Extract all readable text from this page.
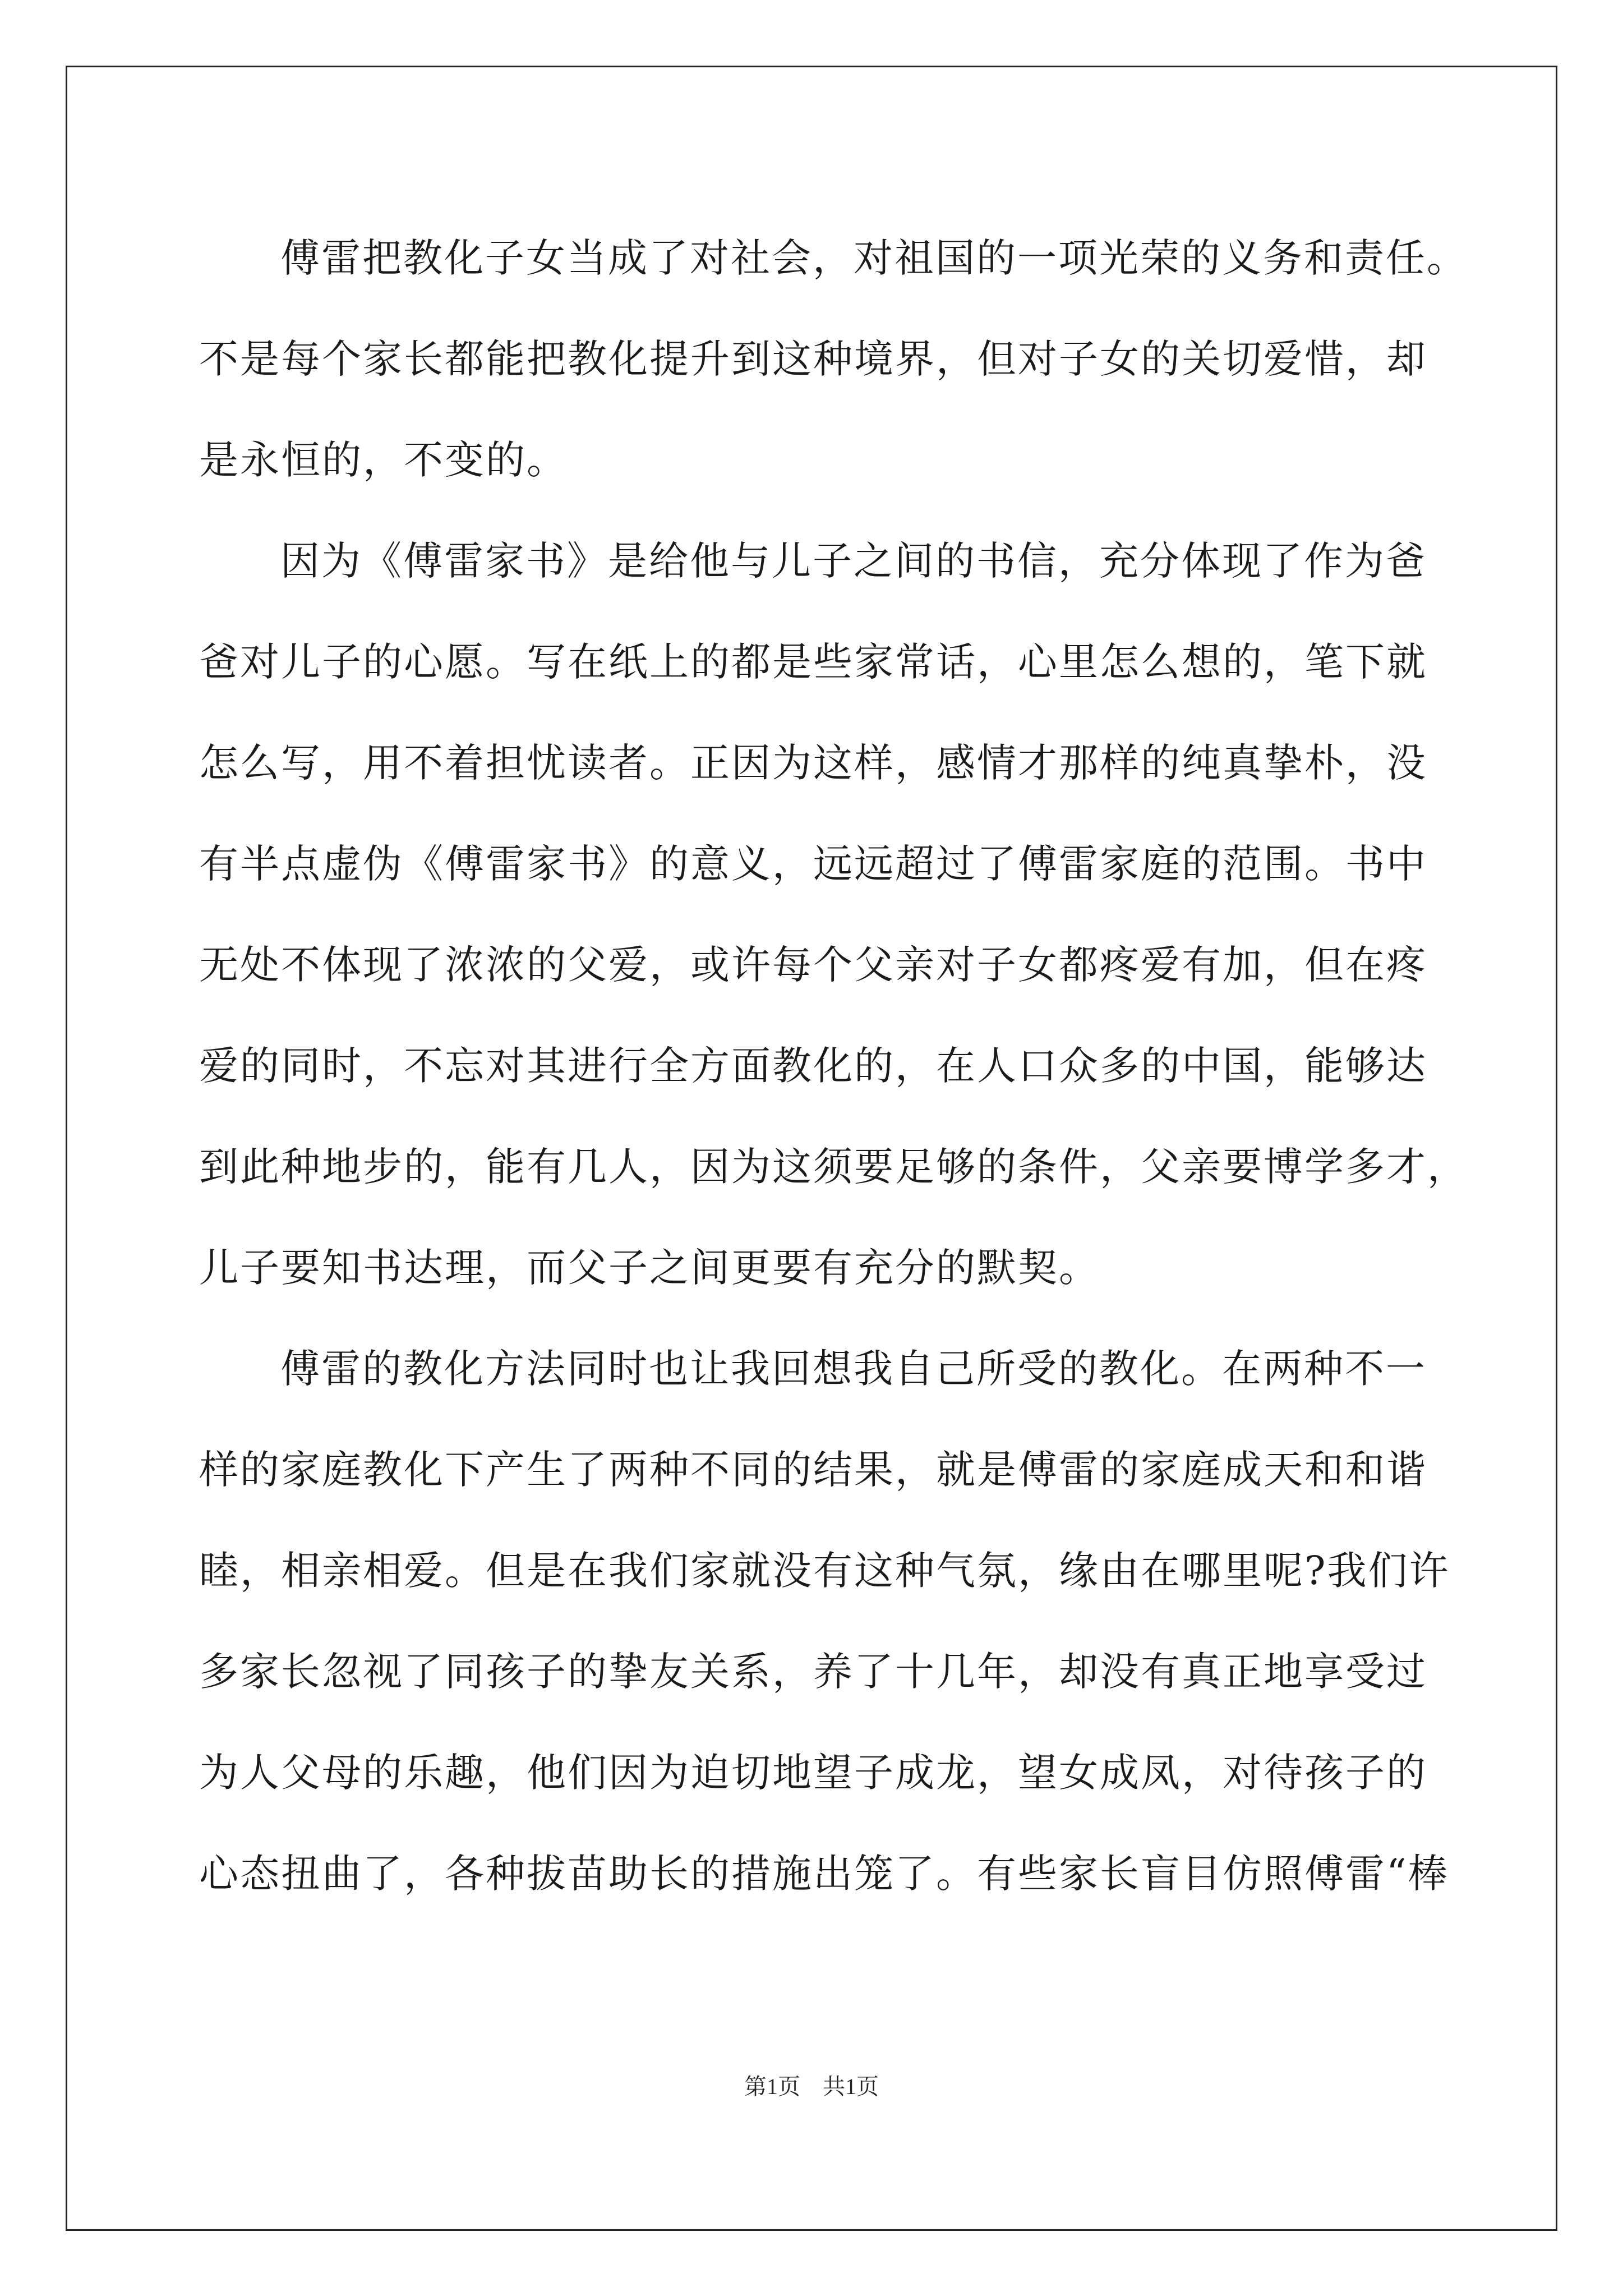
傅雷把教化子女当成了对社会，对祖国的一项光荣的义务和责任。
不是每个家长都能把教化提升到这种境界，但对子女的关切爱惜，却
是永恒的，不变的。
因为《傅雷家书》是给他与儿子之间的书信，充分体现了作为爸
爸对儿子的心愿。写在纸上的都是些家常话，心里怎么想的，笔下就
怎么写，用不着担忧读者。正因为这样，感情才那样的纯真挚朴，没
有半点虚伪《傅雷家书》的意义，远远超过了傅雷家庭的范围。书中
无处不体现了浓浓的父爱，或许每个父亲对子女都疼爱有加，但在疼
爱的同时，不忘对其进行全方面教化的，在人口众多的中国，能够达
到此种地步的，能有几人，因为这须要足够的条件，父亲要博学多才，
儿子要知书达理，而父子之间更要有充分的默契。
傅雷的教化方法同时也让我回想我自己所受的教化。在两种不一
样的家庭教化下产生了两种不同的结果，就是傅雷的家庭成天和和谐
睦，相亲相爱。但是在我们家就没有这种气氛，缘由在哪里呢?我们许
多家长忽视了同孩子的挚友关系，养了十几年，却没有真正地享受过
为人父母的乐趣，他们因为迫切地望子成龙，望女成凤，对待孩子的
心态扭曲了，各种拔苗助长的措施出笼了。有些家长盲目仿照傅雷“棒
第1页　共1页
